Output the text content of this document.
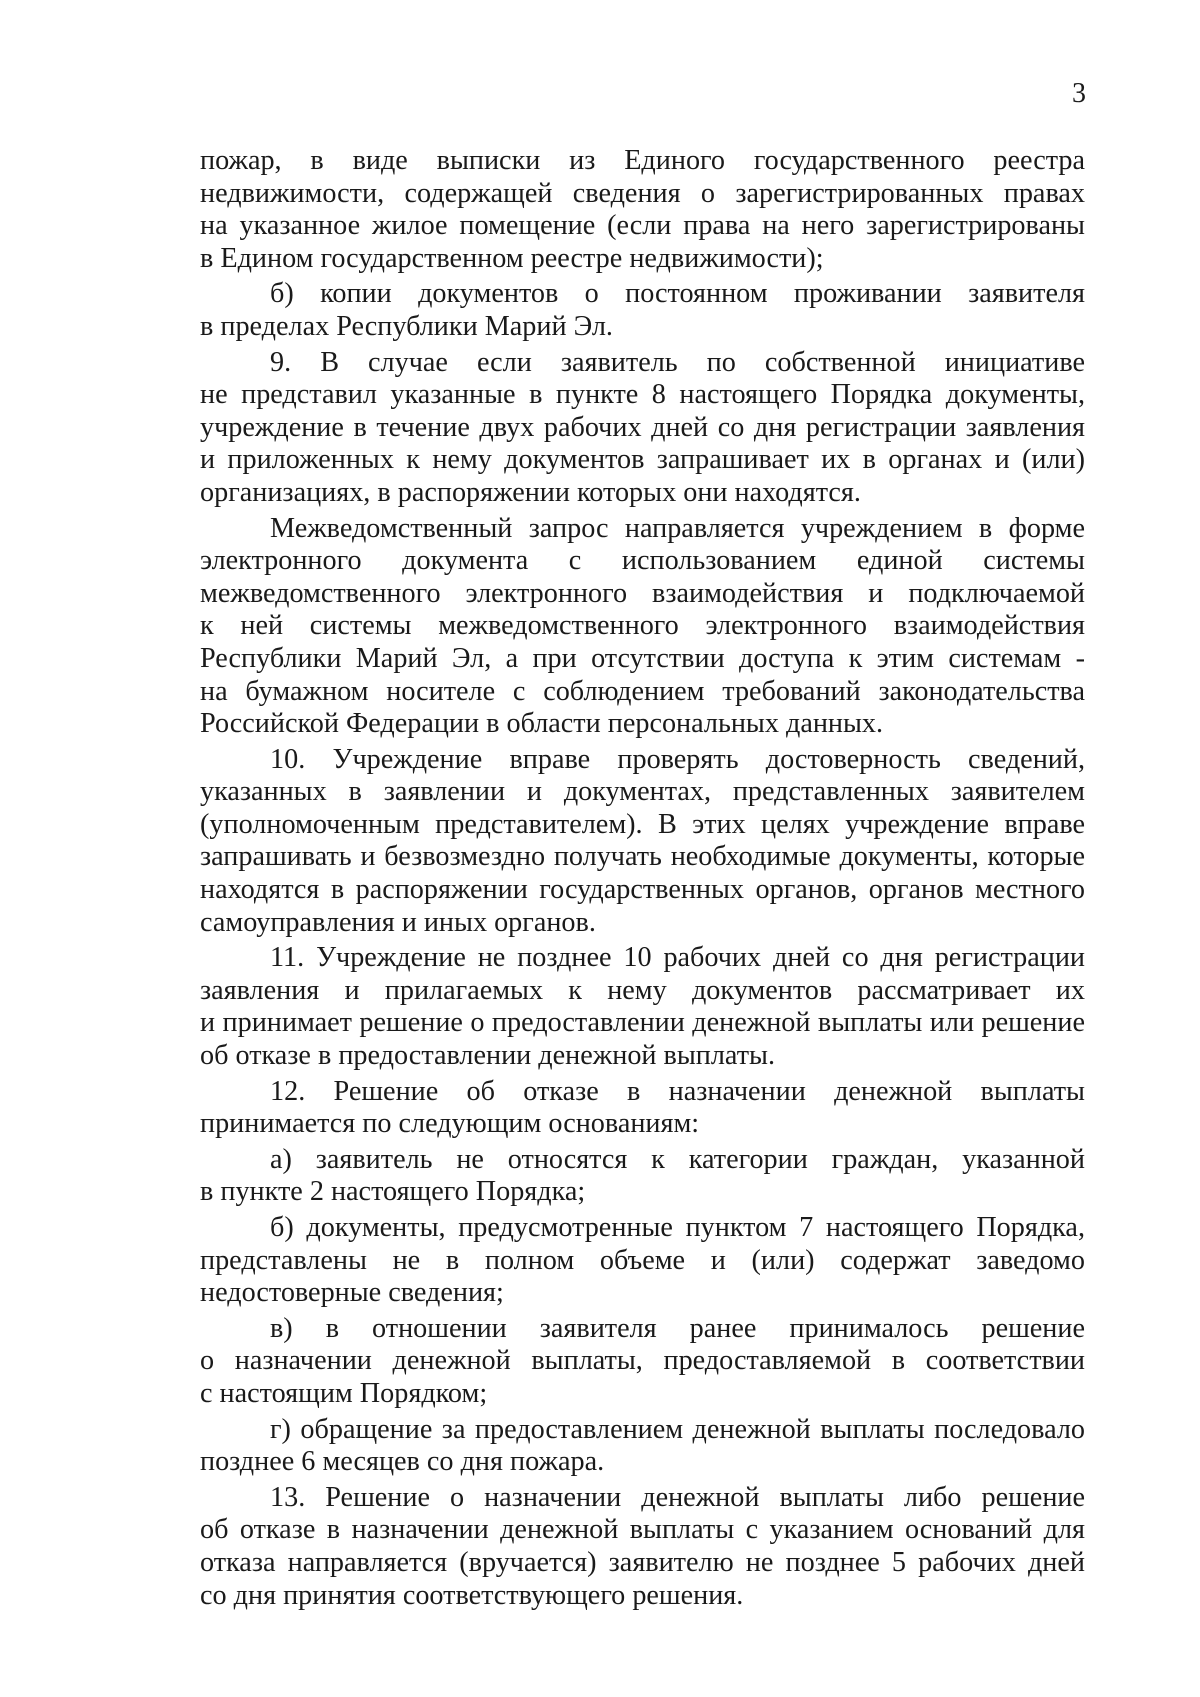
3
пожар, в виде выписки из Единого государственного реестра
недвижимости, содержащей сведения о зарегистрированных правах
на указанное жилое помещение (если права на него зарегистрированы
в Едином государственном реестре недвижимости);
б) копии документов о постоянном проживании заявителя
в пределах Республики Марий Эл.
9. В случае если заявитель по собственной инициативе
не представил указанные в пункте 8 настоящего Порядка документы,
учреждение в течение двух рабочих дней со дня регистрации заявления
и приложенных к нему документов запрашивает их в органах и (или)
организациях, в распоряжении которых они находятся.
Межведомственный запрос направляется учреждением в форме
электронного документа с использованием единой системы
межведомственного электронного взаимодействия и подключаемой
к ней системы межведомственного электронного взаимодействия
Республики Марий Эл, а при отсутствии доступа к этим системам -
на бумажном носителе с соблюдением требований законодательства
Российской Федерации в области персональных данных.
10. Учреждение вправе проверять достоверность сведений,
указанных в заявлении и документах, представленных заявителем
(уполномоченным представителем). В этих целях учреждение вправе
запрашивать и безвозмездно получать необходимые документы, которые
находятся в распоряжении государственных органов, органов местного
самоуправления и иных органов.
11. Учреждение не позднее 10 рабочих дней со дня регистрации
заявления и прилагаемых к нему документов рассматривает их
и принимает решение о предоставлении денежной выплаты или решение
об отказе в предоставлении денежной выплаты.
12. Решение об отказе в назначении денежной выплаты
принимается по следующим основаниям:
а) заявитель не относятся к категории граждан, указанной
в пункте 2 настоящего Порядка;
б) документы, предусмотренные пунктом 7 настоящего Порядка,
представлены не в полном объеме и (или) содержат заведомо
недостоверные сведения;
в) в отношении заявителя ранее принималось решение
о назначении денежной выплаты, предоставляемой в соответствии
с настоящим Порядком;
г) обращение за предоставлением денежной выплаты последовало
позднее 6 месяцев со дня пожара.
13. Решение о назначении денежной выплаты либо решение
об отказе в назначении денежной выплаты с указанием оснований для
отказа направляется (вручается) заявителю не позднее 5 рабочих дней
со дня принятия соответствующего решения.
